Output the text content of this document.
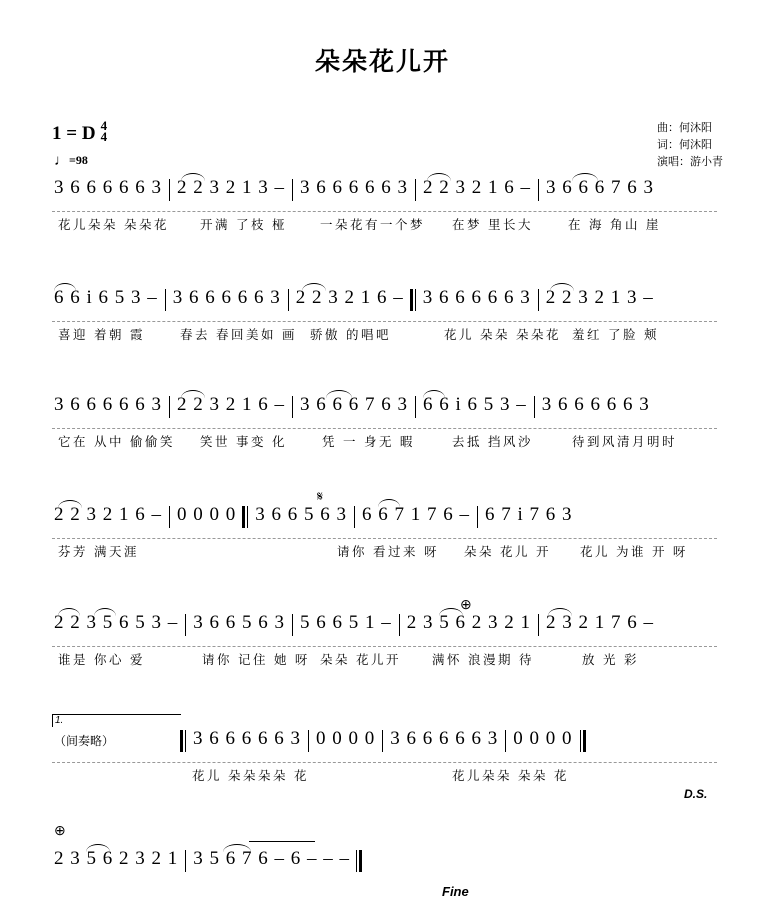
朵朵花儿开
1 = D 4
4
♩=98
曲：何沐阳
词：何沐阳
演唱：游小青
3 6 6 6 6 6 3 2 2 3 2 1 3 – 3 6 6 6 6 6 3 2 2 3 2 1 6 – 3 6 6 6 7 6 3
花儿朵朵 朵朵花 开满 了枝 桠	一朵花有一个梦 在梦 里长大	在 海 角山 崖
6 6 i 6 5 3 – 3 6 6 6 6 6 3 2 2 3 2 1 6 – 3 6 6 6 6 6 3 2 2 3 2 1 3 –
喜迎 着朝 霞	春去 春回美如 画 骄傲 的唱吧	花儿 朵朵 朵朵花 羞红 了脸 颊
3 6 6 6 6 6 3 2 2 3 2 1 6 – 3 6 6 6 7 6 3 6 6 i 6 5 3 – 3 6 6 6 6 6 3
它在 从中 偷偷笑 笑世 事变 化	凭 一 身无 暇	去抵 挡风沙	待到风清月明时
𝄋
2 2 3 2 1 6 – 0 0 0 0 3 6 6 5 6 3 6 6 7 1 7 6 – 6 7 i 7 6 3
芬芳 满天涯	请你 看过来 呀 朵朵 花儿 开 花儿 为谁 开 呀
⊕
2 2 3 5 6 5 3 – 3 6 6 5 6 3 5 6 6 5 1 – 2 3 5 6 2 3 2 1 2 3 2 1 7 6 –
谁是 你心 爱	请你 记住 她 呀 朵朵 花儿开 满怀 浪漫期 待	放 光 彩
1.
（间奏略）	3 6 6 6 6 6 3 0 0 0 0 3 6 6 6 6 6 3 0 0 0 0
花儿 朵朵朵朵 花	花儿朵朵 朵朵 花
D.S.
⊕
2 3 5 6 2 3 2 1 3 5 6 7 6 – 6 – – –
Fine
